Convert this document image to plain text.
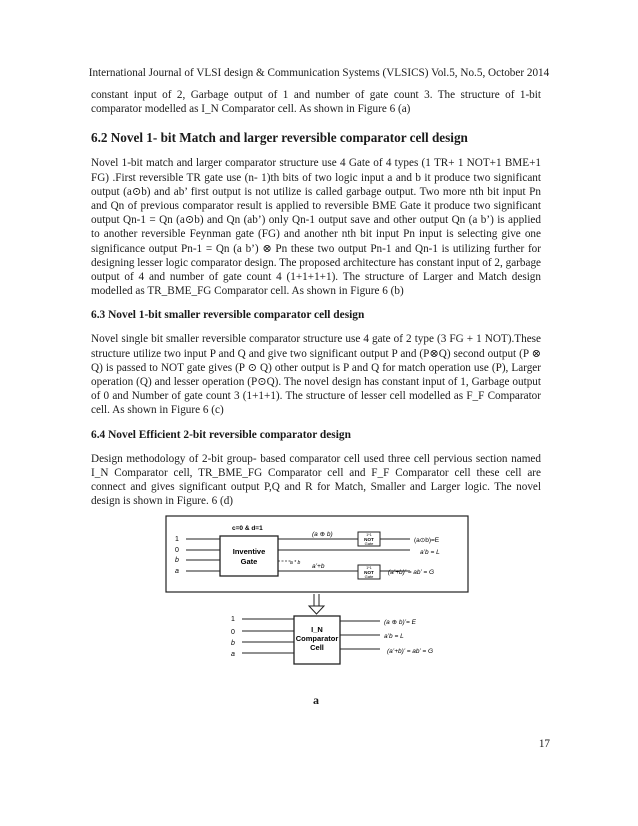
International Journal of VLSI design & Communication Systems (VLSICS) Vol.5, No.5, October 2014

constant input of 2, Garbage output of 1 and number of gate count 3. The structure of 1-bit comparator modelled as I_N Comparator cell. As shown in Figure 6 (a)

6.2 Novel 1- bit Match and larger reversible comparator cell design

Novel 1-bit match and larger comparator structure use 4 Gate of 4 types (1 TR+ 1 NOT+1 BME+1 FG) .First reversible TR gate use (n- 1)th bits of two logic input a and b it produce two significant output (a⊙b) and ab’ first output is not utilize is called garbage output. Two more nth bit input Pn and Qn of previous comparator result is applied to reversible BME Gate it produce two significant output Qn-1 = Qn (a⊙b) and Qn (ab’) only Qn-1 output save and other output Qn (a b’) is applied to another reversible Feynman gate (FG) and another nth bit input Pn input is selecting give one significance output Pn-1 = Qn (a b’) ⊗ Pn these two output Pn-1 and Qn-1 is utilizing further for designing lesser logic comparator design. The proposed architecture has constant input of 2, garbage output of 4 and number of gate count 4 (1+1+1+1). The structure of Larger and Match design modelled as TR_BME_FG Comparator cell. As shown in Figure 6 (b)

6.3 Novel 1-bit smaller reversible comparator cell design

Novel single bit smaller reversible comparator structure use 4 gate of 2 type (3 FG + 1 NOT).These structure utilize two input P and Q and give two significant output P and (P⊗Q) second output (P ⊗ Q) is passed to NOT gate gives (P ⊙ Q) other output is P and Q for match operation use (P), Larger operation (Q) and lesser operation (P⊙Q). The novel design has constant input of 1, Garbage output of 0 and Number of gate count 3 (1+1+1). The structure of lesser cell modelled as F_F Comparator cell. As shown in Figure 6 (c)

6.4 Novel Efficient 2-bit reversible comparator design

Design methodology of 2-bit group- based comparator cell used three cell pervious section named I_N Comparator cell, TR_BME_FG Comparator cell and F_F Comparator cell these cell are connect and gives significant output P,Q and R for Match, Smaller and Larger logic. The novel design is shown in Figure. 6 (d)

c=0 & d=1
Inventive
Gate
1
0
b
a
(a ⊕ b)	1*1
NOT
Gate	(a⊙b)=E
a’b = L
a * b a’+b	1*1
NOT
Gate
(a’+b)’ = ab’ = G
I_N
Comparator
Cell
1
0
b
a
(a ⊕ b)’= E
a’b = L
(a’+b)’ = ab’ = G
a
17
